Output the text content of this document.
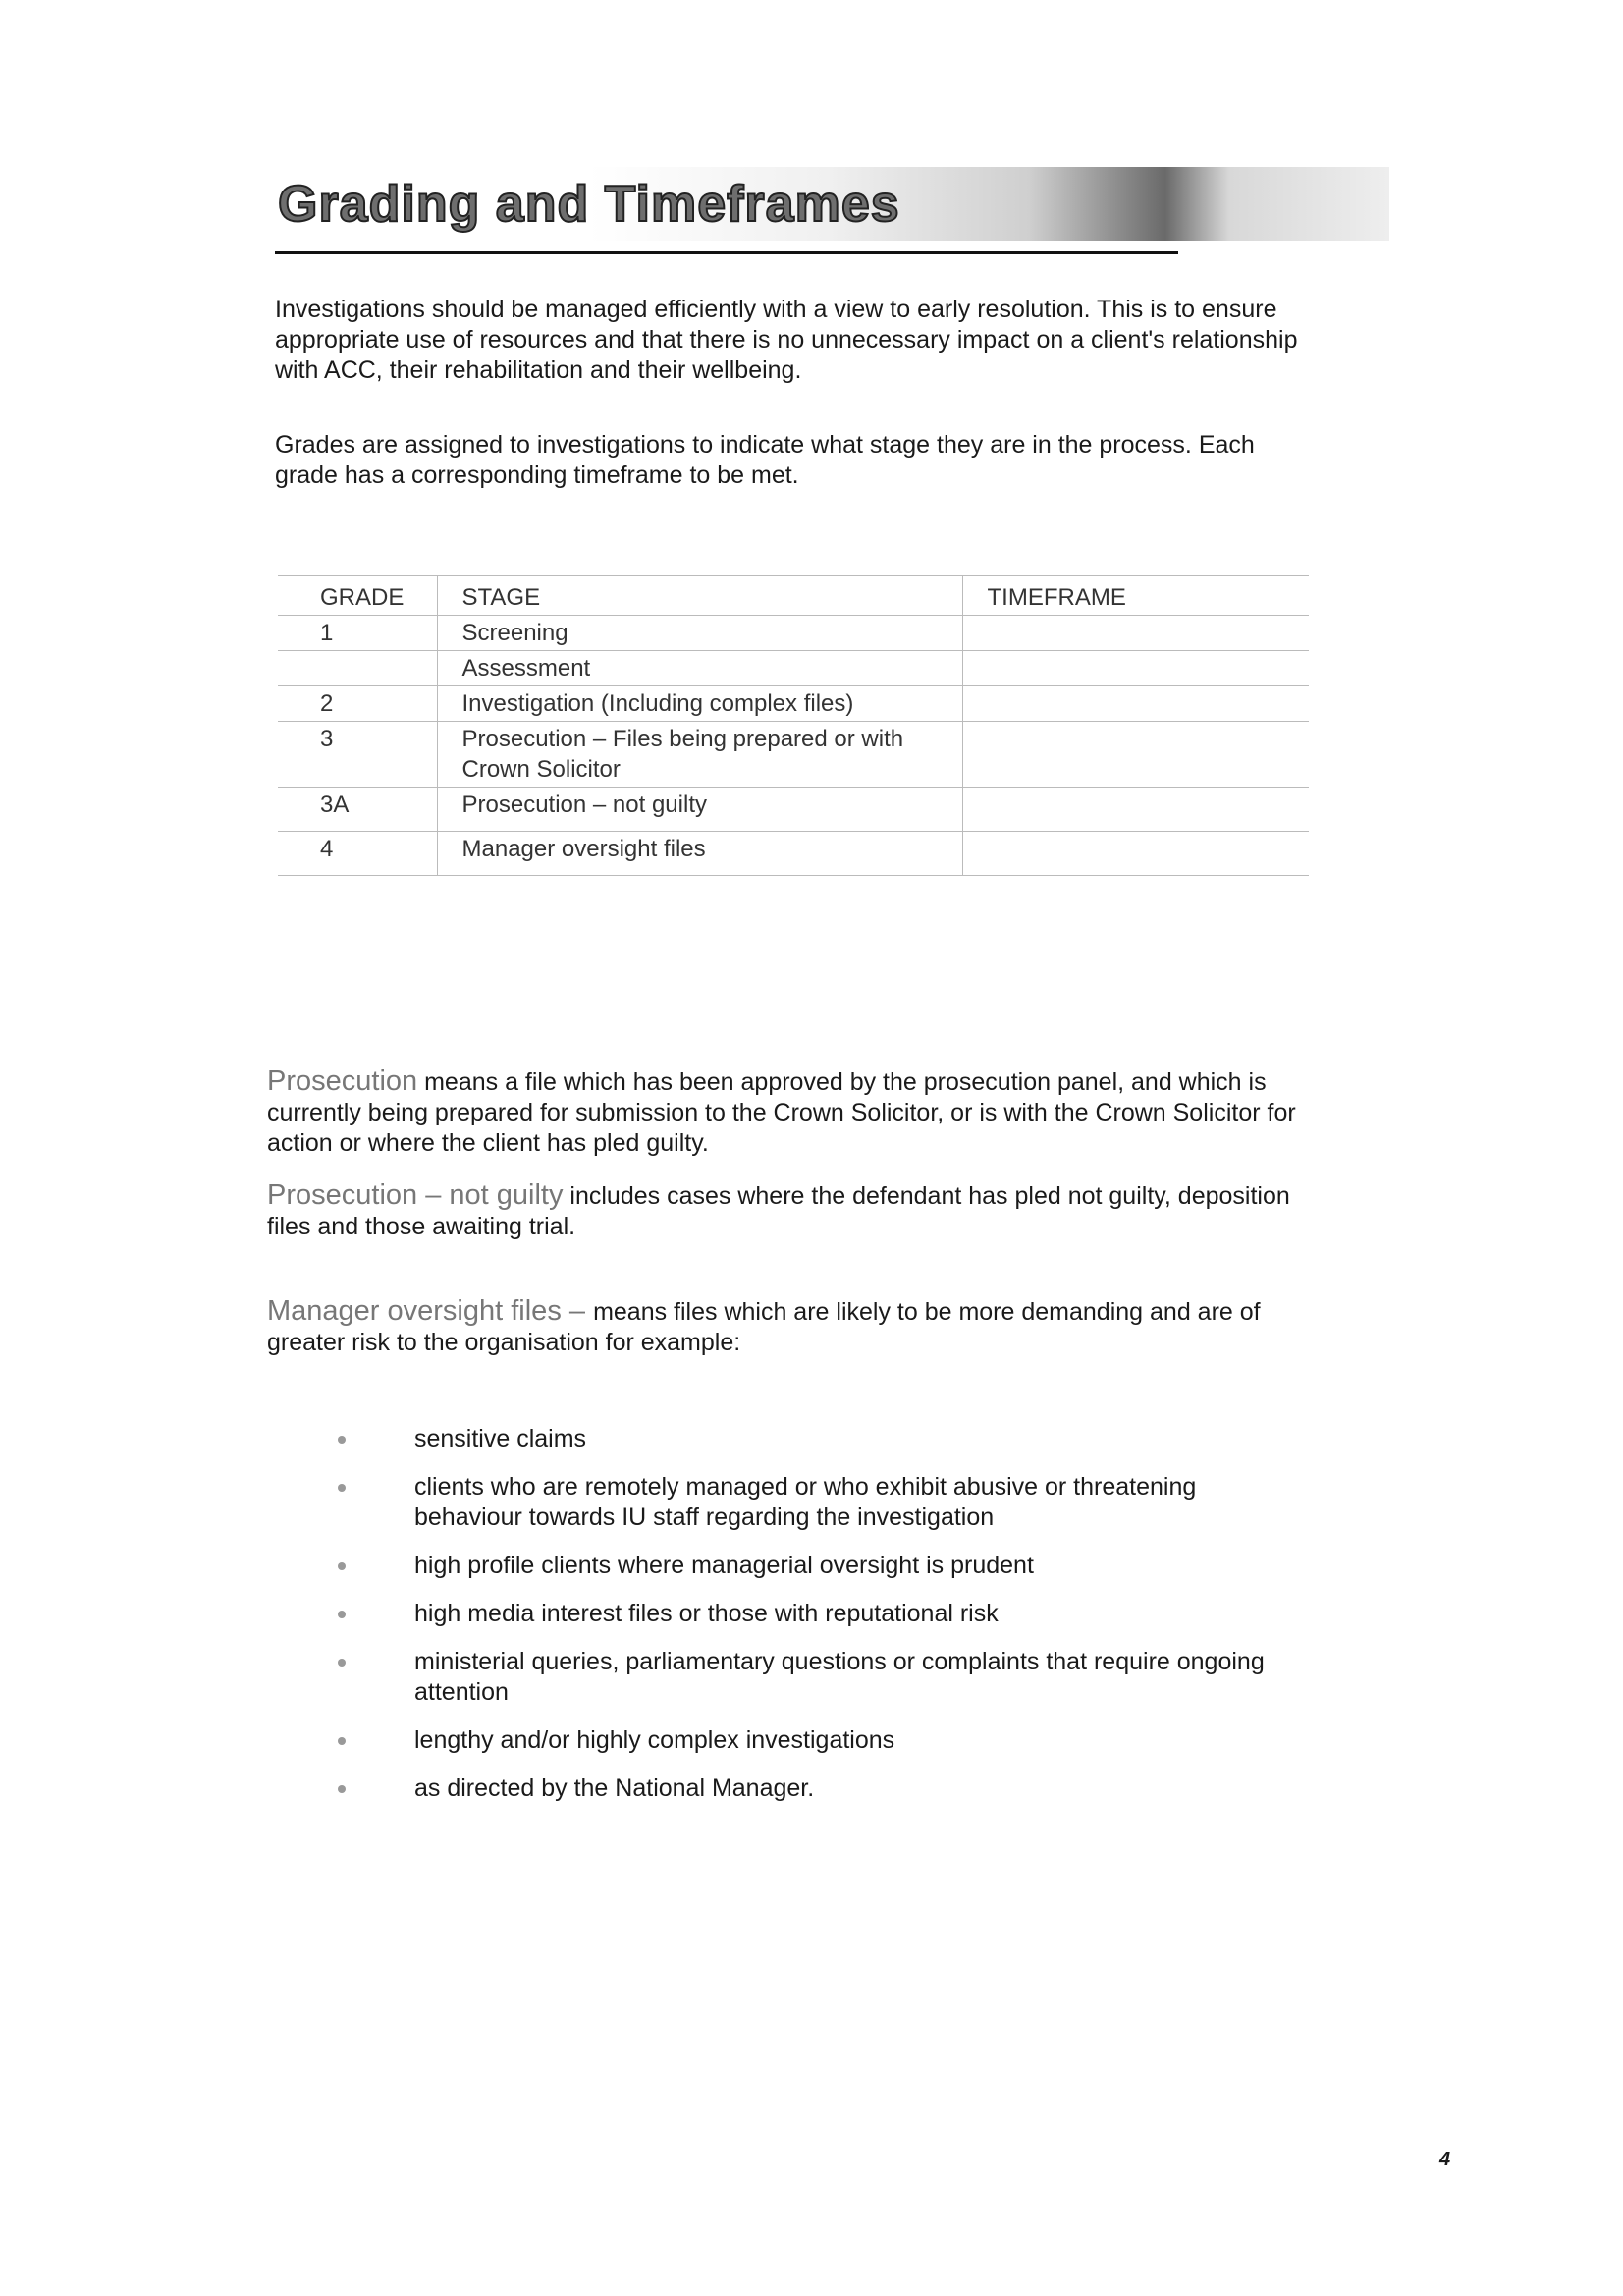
Grading and Timeframes

Investigations should be managed efficiently with a view to early resolution. This is to ensure appropriate use of resources and that there is no unnecessary impact on a client's relationship with ACC, their rehabilitation and their wellbeing.

Grades are assigned to investigations to indicate what stage they are in the process. Each grade has a corresponding timeframe to be met.

GRADE	STAGE	TIMEFRAME
1	Screening	
	Assessment	
2	Investigation (Including complex files)	
3	Prosecution – Files being prepared or with Crown Solicitor	
3A	Prosecution – not guilty	
4	Manager oversight files	

Prosecution means a file which has been approved by the prosecution panel, and which is currently being prepared for submission to the Crown Solicitor, or is with the Crown Solicitor for action or where the client has pled guilty.

Prosecution – not guilty includes cases where the defendant has pled not guilty, deposition files and those awaiting trial.

Manager oversight files – means files which are likely to be more demanding and are of greater risk to the organisation for example:

sensitive claims
clients who are remotely managed or who exhibit abusive or threatening behaviour towards IU staff regarding the investigation
high profile clients where managerial oversight is prudent
high media interest files or those with reputational risk
ministerial queries, parliamentary questions or complaints that require ongoing attention
lengthy and/or highly complex investigations
as directed by the National Manager.
4
